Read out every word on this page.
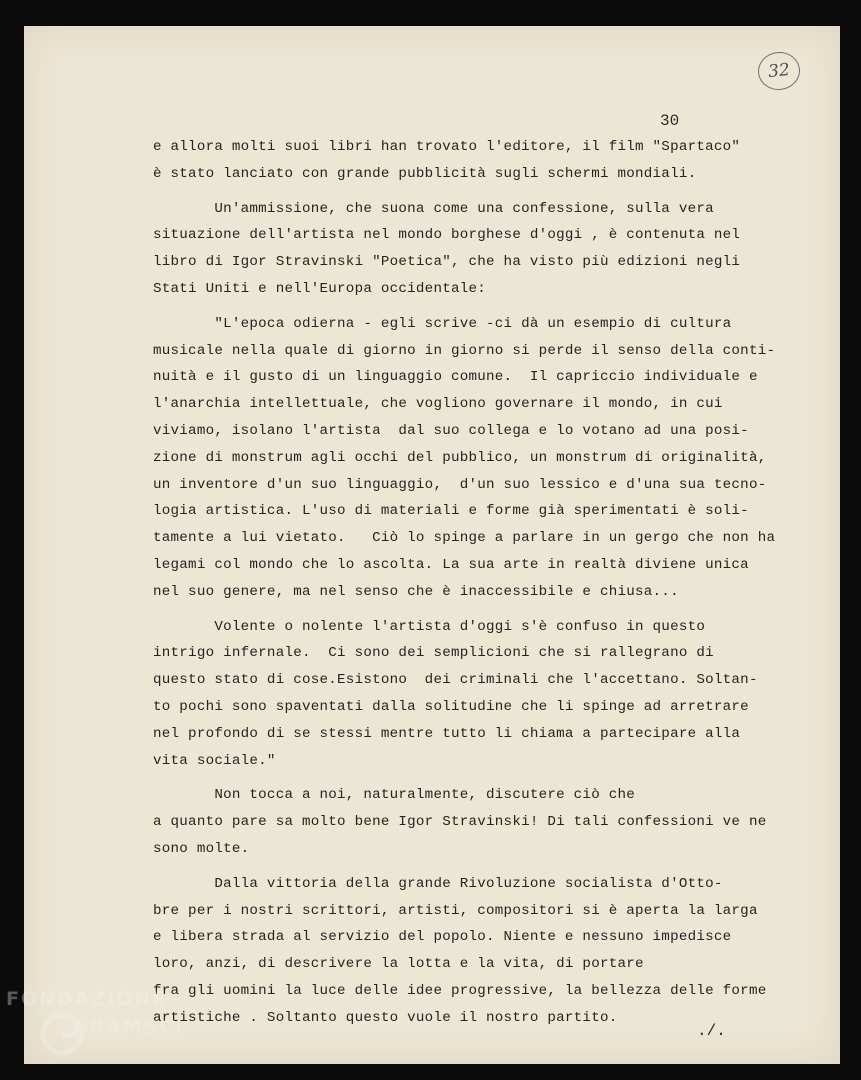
32
30
e allora molti suoi libri han trovato l'editore, il film "Spartaco"
è stato lanciato con grande pubblicità sugli schermi mondiali.
Un'ammissione, che suona come una confessione, sulla vera
situazione dell'artista nel mondo borghese d'oggi , è contenuta nel
libro di Igor Stravinski "Poetica", che ha visto più edizioni negli
Stati Uniti e nell'Europa occidentale:
"L'epoca odierna - egli scrive -ci dà un esempio di cultura
musicale nella quale di giorno in giorno si perde il senso della conti-
nuità e il gusto di un linguaggio comune.  Il capriccio individuale e
l'anarchia intellettuale, che vogliono governare il mondo, in cui
viviamo, isolano l'artista  dal suo collega e lo votano ad una posi-
zione di monstrum agli occhi del pubblico, un monstrum di originalità,
un inventore d'un suo linguaggio,  d'un suo lessico e d'una sua tecno-
logia artistica. L'uso di materiali e forme già sperimentati è soli-
tamente a lui vietato.   Ciò lo spinge a parlare in un gergo che non ha
legami col mondo che lo ascolta. La sua arte in realtà diviene unica
nel suo genere, ma nel senso che è inaccessibile e chiusa...
Volente o nolente l'artista d'oggi s'è confuso in questo
intrigo infernale.  Ci sono dei semplicioni che si rallegrano di
questo stato di cose.Esistono  dei criminali che l'accettano. Soltan-
to pochi sono spaventati dalla solitudine che li spinge ad arretrare
nel profondo di se stessi mentre tutto li chiama a partecipare alla
vita sociale."
Non tocca a noi, naturalmente, discutere ciò che
a quanto pare sa molto bene Igor Stravinski! Di tali confessioni ve ne
sono molte.
Dalla vittoria della grande Rivoluzione socialista d'Otto-
bre per i nostri scrittori, artisti, compositori si è aperta la larga
e libera strada al servizio del popolo. Niente e nessuno impedisce
loro, anzi, di descrivere la lotta e la vita, di portare
fra gli uomini la luce delle idee progressive, la bellezza delle forme
artistiche . Soltanto questo vuole il nostro partito.
./.
FONDAZIONE
GRAMSCI
